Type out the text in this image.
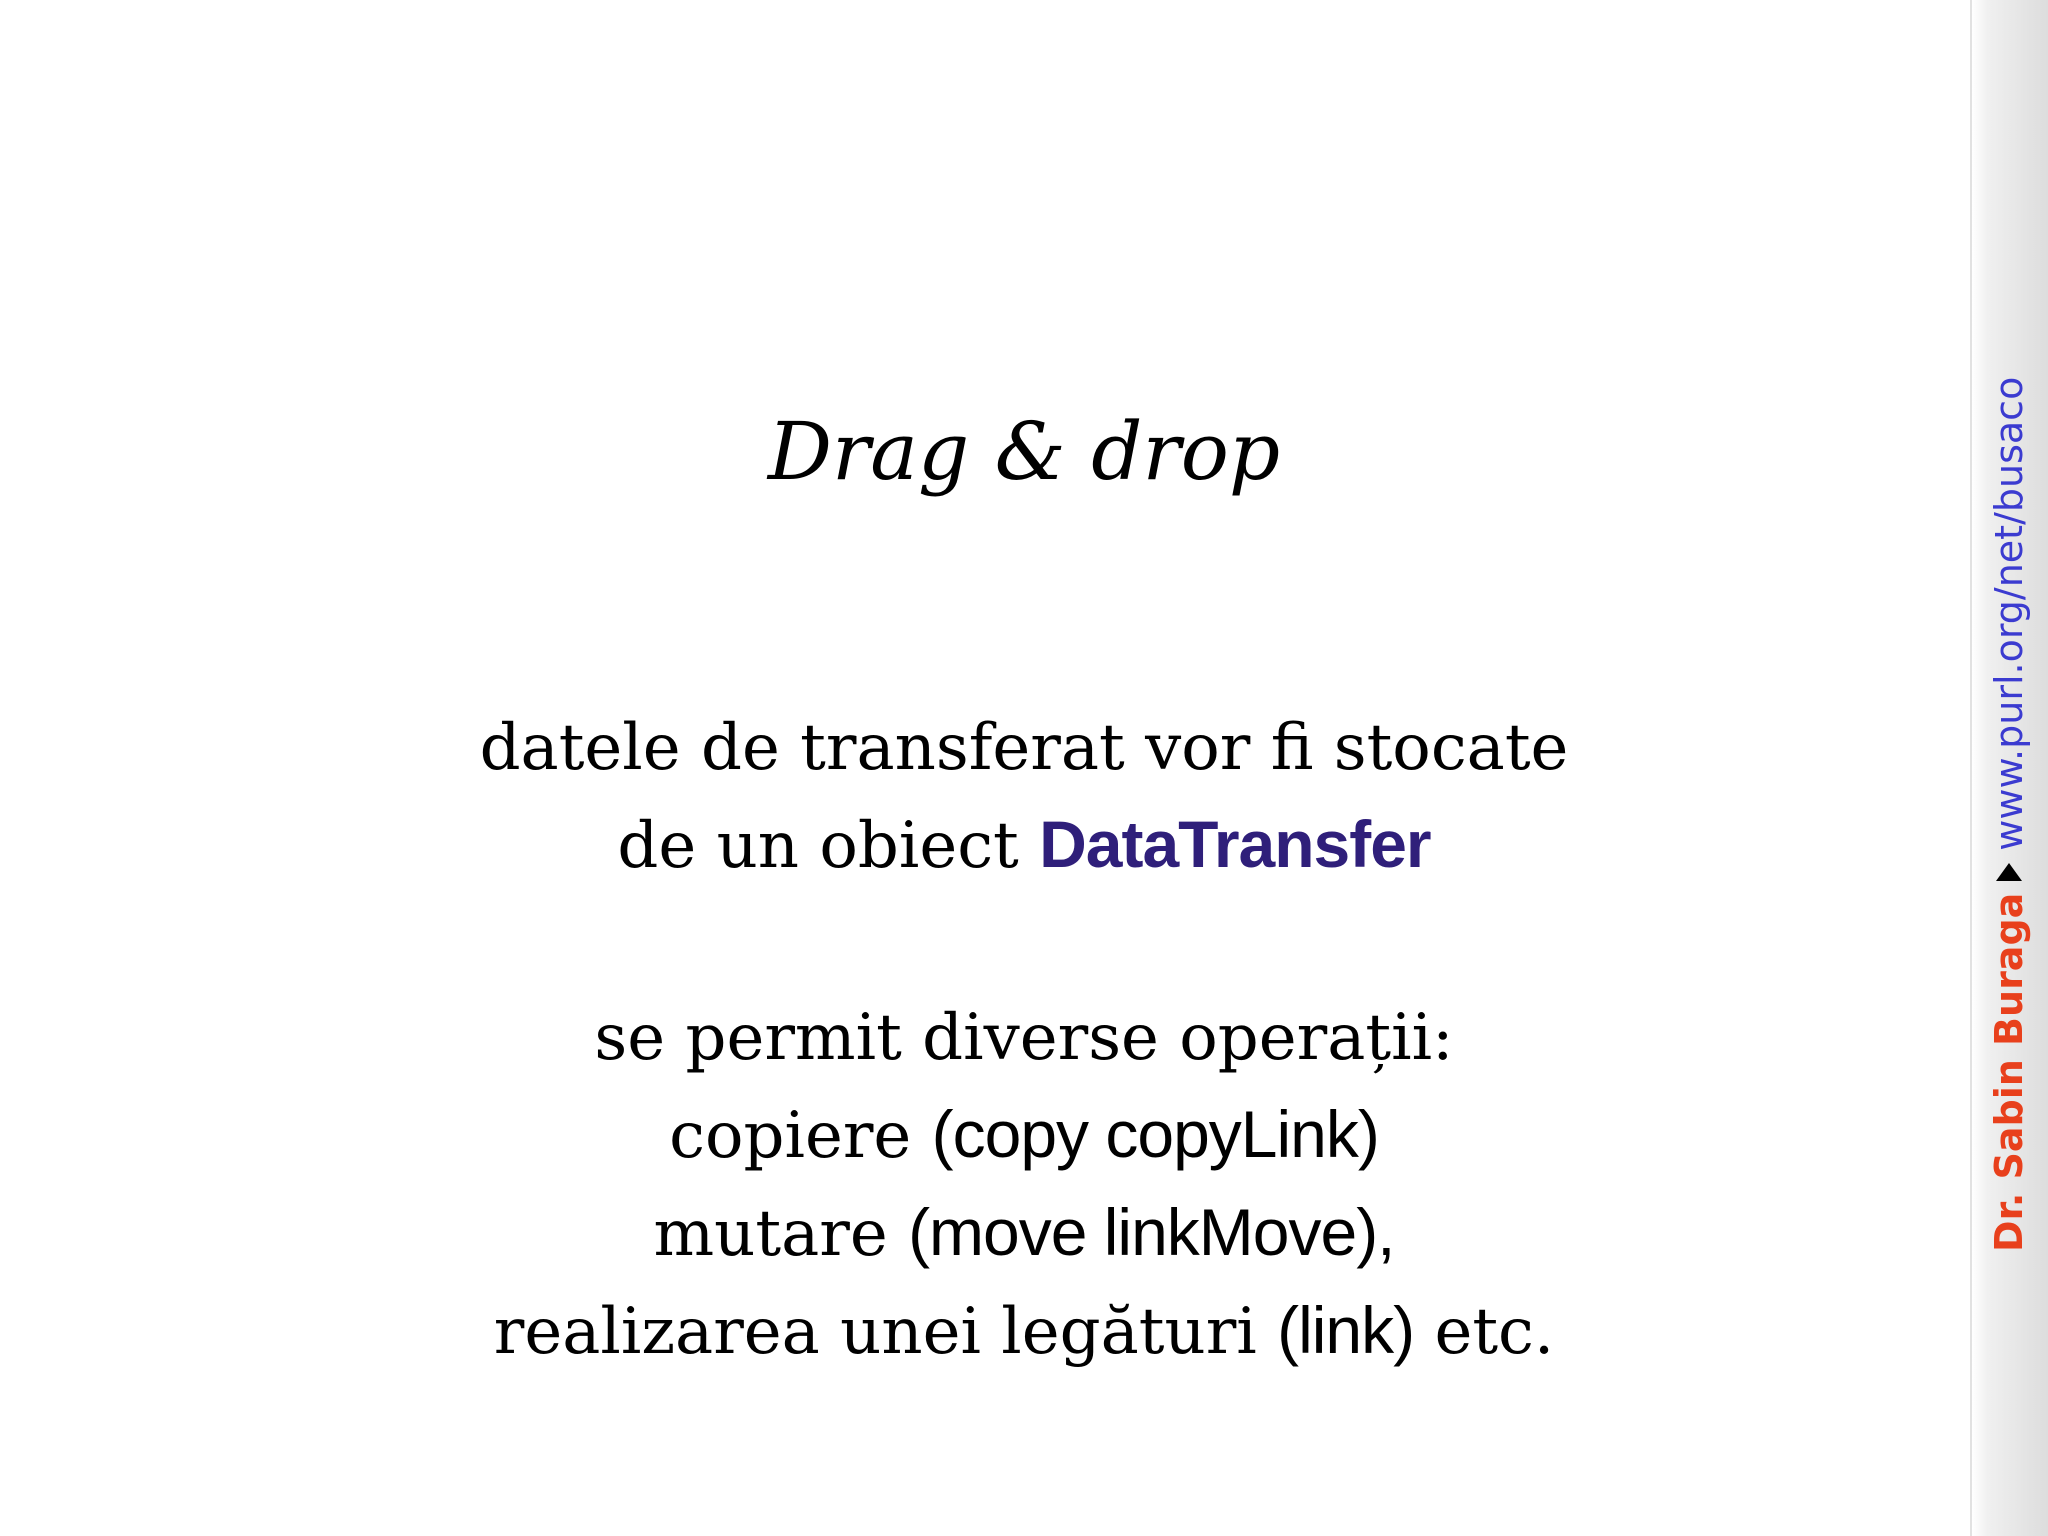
Drag & drop
datele de transferat vor fi stocate
de un obiect DataTransfer
se permit diverse operații:
copiere (copy copyLink)
mutare (move linkMove),
realizarea unei legături (link) etc.
Dr. Sabin Buraga
www.purl.org/net/busaco
